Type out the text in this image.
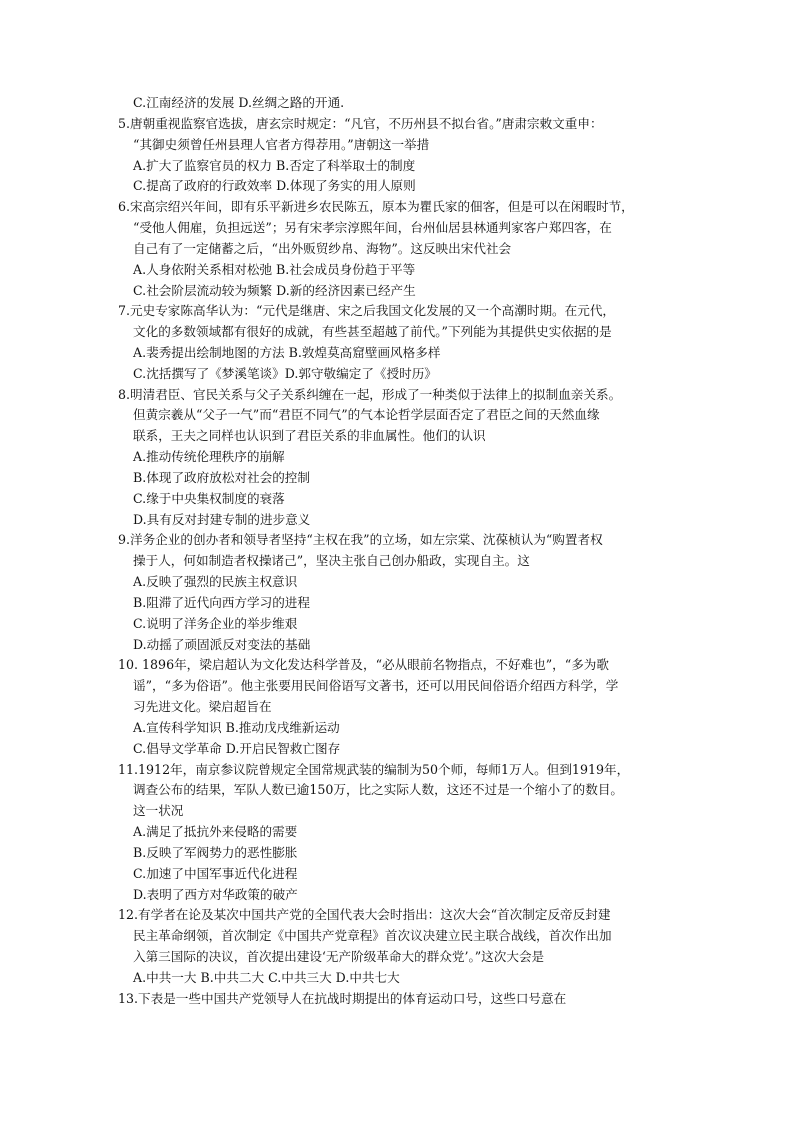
C.江南经济的发展 D.丝绸之路的开通.
5.唐朝重视监察官选拔，唐玄宗时规定：“凡官，不历州县不拟台省。”唐肃宗敕文重申：
“其御史须曾任州县理人官者方得荐用。”唐朝这一举措
A.扩大了监察官员的权力 B.否定了科举取士的制度
C.提高了政府的行政效率 D.体现了务实的用人原则
6.宋高宗绍兴年间，即有乐平新进乡农民陈五，原本为瞿氏家的佃客，但是可以在闲暇时节，
“受他人佣雇，负担远送”；另有宋孝宗淳熙年间，台州仙居县林通判家客户郑四客，在
自己有了一定储蓄之后，“出外贩贸纱帛、海物”。这反映出宋代社会
A.人身依附关系相对松弛 B.社会成员身份趋于平等
C.社会阶层流动较为频繁 D.新的经济因素已经产生
7.元史专家陈高华认为：“元代是继唐、宋之后我国文化发展的又一个高潮时期。在元代，
文化的多数领域都有很好的成就，有些甚至超越了前代。”下列能为其提供史实依据的是
A.裴秀提出绘制地图的方法 B.敦煌莫高窟壁画风格多样
C.沈括撰写了《梦溪笔谈》D.郭守敬编定了《授时历》
8.明清君臣、官民关系与父子关系纠缠在一起，形成了一种类似于法律上的拟制血亲关系。
但黄宗羲从“父子一气”而“君臣不同气”的气本论哲学层面否定了君臣之间的天然血缘
联系，王夫之同样也认识到了君臣关系的非血属性。他们的认识
A.推动传统伦理秩序的崩解
B.体现了政府放松对社会的控制
C.缘于中央集权制度的衰落
D.具有反对封建专制的进步意义
9.洋务企业的创办者和领导者坚持“主权在我”的立场，如左宗棠、沈葆桢认为“购置者权
操于人，何如制造者权操诸己”，坚决主张自己创办船政，实现自主。这
A.反映了强烈的民族主权意识
B.阻滞了近代向西方学习的进程
C.说明了洋务企业的举步维艰
D.动摇了顽固派反对变法的基础
10. 1896年，梁启超认为文化发达科学普及，“必从眼前名物指点，不好难也”，“多为歌
谣”，“多为俗语”。他主张要用民间俗语写文著书，还可以用民间俗语介绍西方科学，学
习先进文化。梁启超旨在
A.宣传科学知识 B.推动戊戌维新运动
C.倡导文学革命 D.开启民智救亡图存
11.1912年，南京参议院曾规定全国常规武装的编制为50个师，每师1万人。但到1919年，
调查公布的结果，军队人数已逾150万，比之实际人数，这还不过是一个缩小了的数目。
这一状况
A.满足了抵抗外来侵略的需要
B.反映了军阀势力的恶性膨胀
C.加速了中国军事近代化进程
D.表明了西方对华政策的破产
12.有学者在论及某次中国共产党的全国代表大会时指出：这次大会“首次制定反帝反封建
民主革命纲领，首次制定《中国共产党章程》首次议决建立民主联合战线，首次作出加
入第三国际的决议，首次提出建设‘无产阶级革命大的群众党’。”这次大会是
A.中共一大 B.中共二大 C.中共三大 D.中共七大
13.下表是一些中国共产党领导人在抗战时期提出的体育运动口号，这些口号意在
